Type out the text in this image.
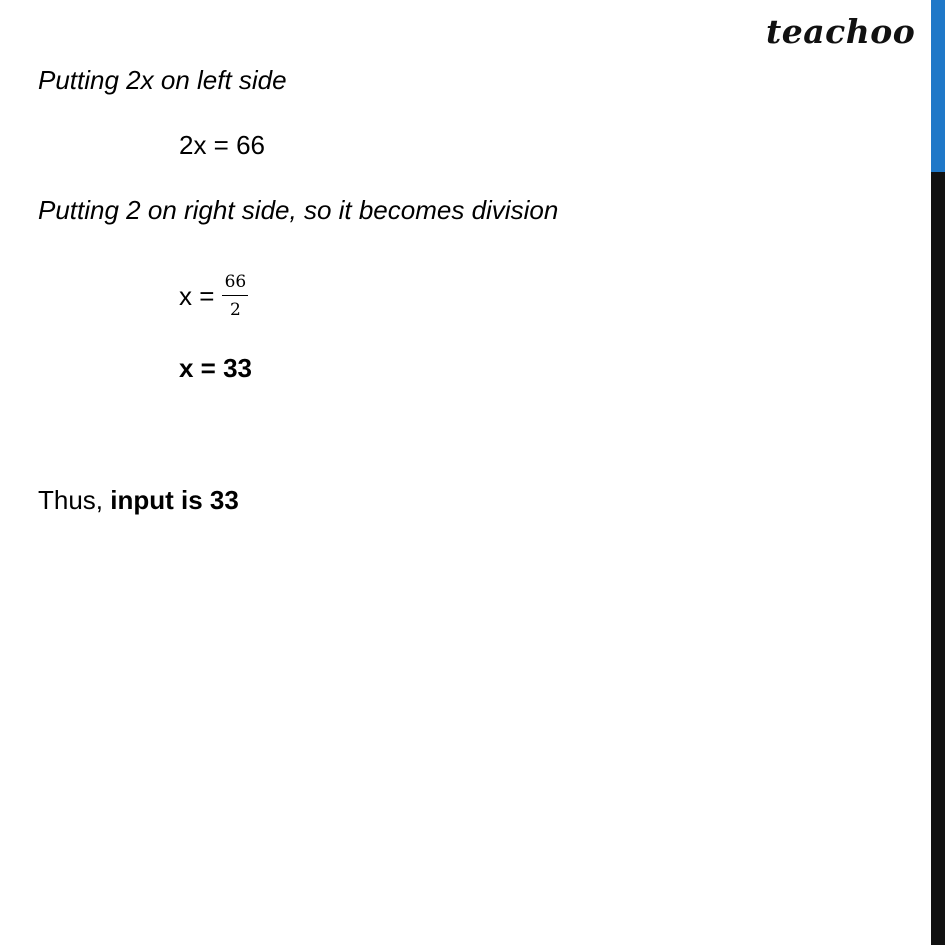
teachoo
Putting 2x on left side
2x = 66
Putting 2 on right side, so it becomes division
$x = \frac{66}{2}$
x = 33
Thus, input is 33
